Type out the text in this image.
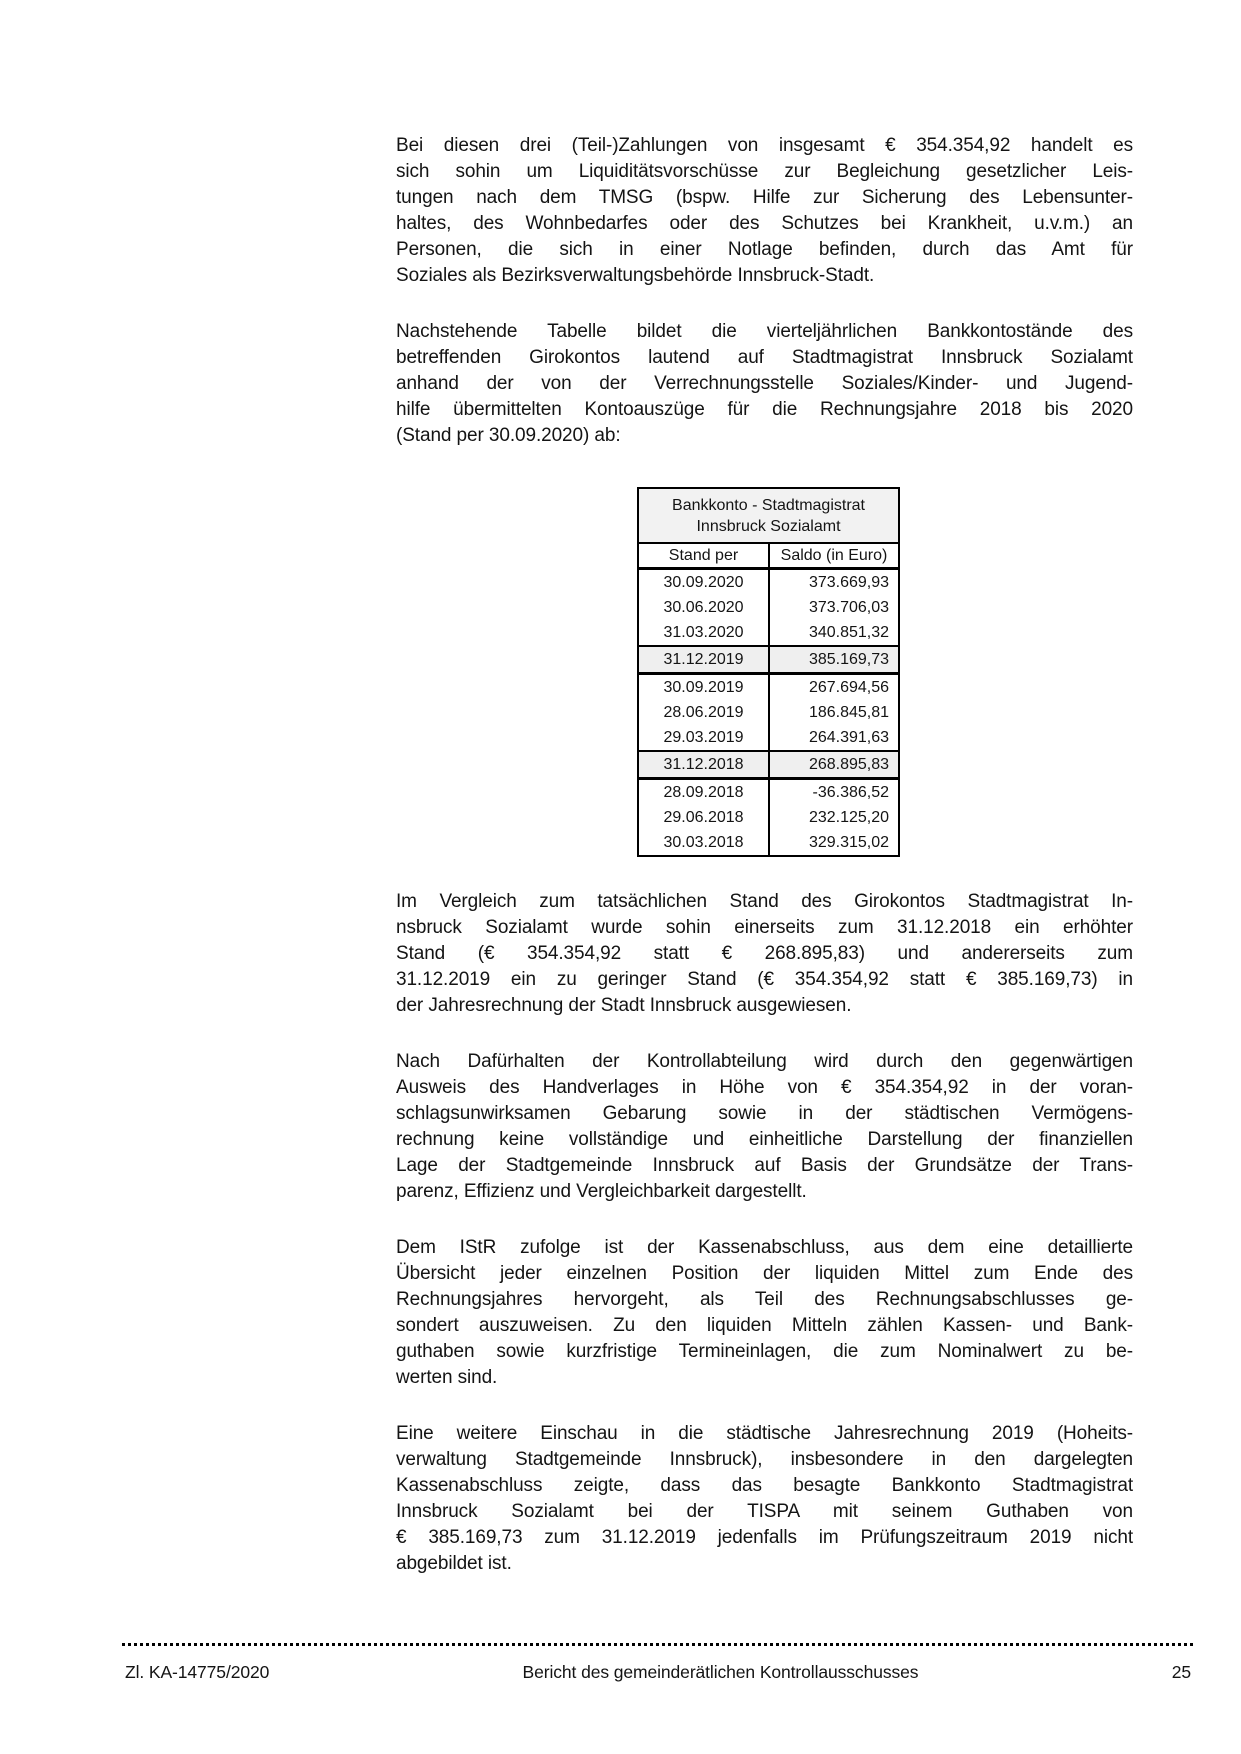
Bei diesen drei (Teil-)Zahlungen von insgesamt € 354.354,92 handelt es
sich sohin um Liquiditätsvorschüsse zur Begleichung gesetzlicher Leis-
tungen nach dem TMSG (bspw. Hilfe zur Sicherung des Lebensunter-
haltes, des Wohnbedarfes oder des Schutzes bei Krankheit, u.v.m.) an
Personen, die sich in einer Notlage befinden, durch das Amt für
Soziales als Bezirksverwaltungsbehörde Innsbruck-Stadt.

Nachstehende Tabelle bildet die vierteljährlichen Bankkontostände des
betreffenden Girokontos lautend auf Stadtmagistrat Innsbruck Sozialamt
anhand der von der Verrechnungsstelle Soziales/Kinder- und Jugend-
hilfe übermittelten Kontoauszüge für die Rechnungsjahre 2018 bis 2020
(Stand per 30.09.2020) ab:

Bankkonto - Stadtmagistrat
Innsbruck Sozialamt	

Stand per	Saldo (in Euro)
30.09.2020	373.669,93
30.06.2020	373.706,03
31.03.2020	340.851,32
31.12.2019	385.169,73
30.09.2019	267.694,56
28.06.2019	186.845,81
29.03.2019	264.391,63
31.12.2018	268.895,83
28.09.2018	-36.386,52
29.06.2018	232.125,20
30.03.2018	329.315,02

Im Vergleich zum tatsächlichen Stand des Girokontos Stadtmagistrat In-
nsbruck Sozialamt wurde sohin einerseits zum 31.12.2018 ein erhöhter
Stand (€ 354.354,92 statt € 268.895,83) und andererseits zum
31.12.2019 ein zu geringer Stand (€ 354.354,92 statt € 385.169,73) in
der Jahresrechnung der Stadt Innsbruck ausgewiesen.

Nach Dafürhalten der Kontrollabteilung wird durch den gegenwärtigen
Ausweis des Handverlages in Höhe von € 354.354,92 in der voran-
schlagsunwirksamen Gebarung sowie in der städtischen Vermögens-
rechnung keine vollständige und einheitliche Darstellung der finanziellen
Lage der Stadtgemeinde Innsbruck auf Basis der Grundsätze der Trans-
parenz, Effizienz und Vergleichbarkeit dargestellt.

Dem IStR zufolge ist der Kassenabschluss, aus dem eine detaillierte
Übersicht jeder einzelnen Position der liquiden Mittel zum Ende des
Rechnungsjahres hervorgeht, als Teil des Rechnungsabschlusses ge-
sondert auszuweisen. Zu den liquiden Mitteln zählen Kassen- und Bank-
guthaben sowie kurzfristige Termineinlagen, die zum Nominalwert zu be-
werten sind.

Eine weitere Einschau in die städtische Jahresrechnung 2019 (Hoheits-
verwaltung Stadtgemeinde Innsbruck), insbesondere in den dargelegten
Kassenabschluss zeigte, dass das besagte Bankkonto Stadtmagistrat
Innsbruck Sozialamt bei der TISPA mit seinem Guthaben von
€ 385.169,73 zum 31.12.2019 jedenfalls im Prüfungszeitraum 2019 nicht
abgebildet ist.

Zl. KA-14775/2020	Bericht des gemeinderätlichen Kontrollausschusses	25
